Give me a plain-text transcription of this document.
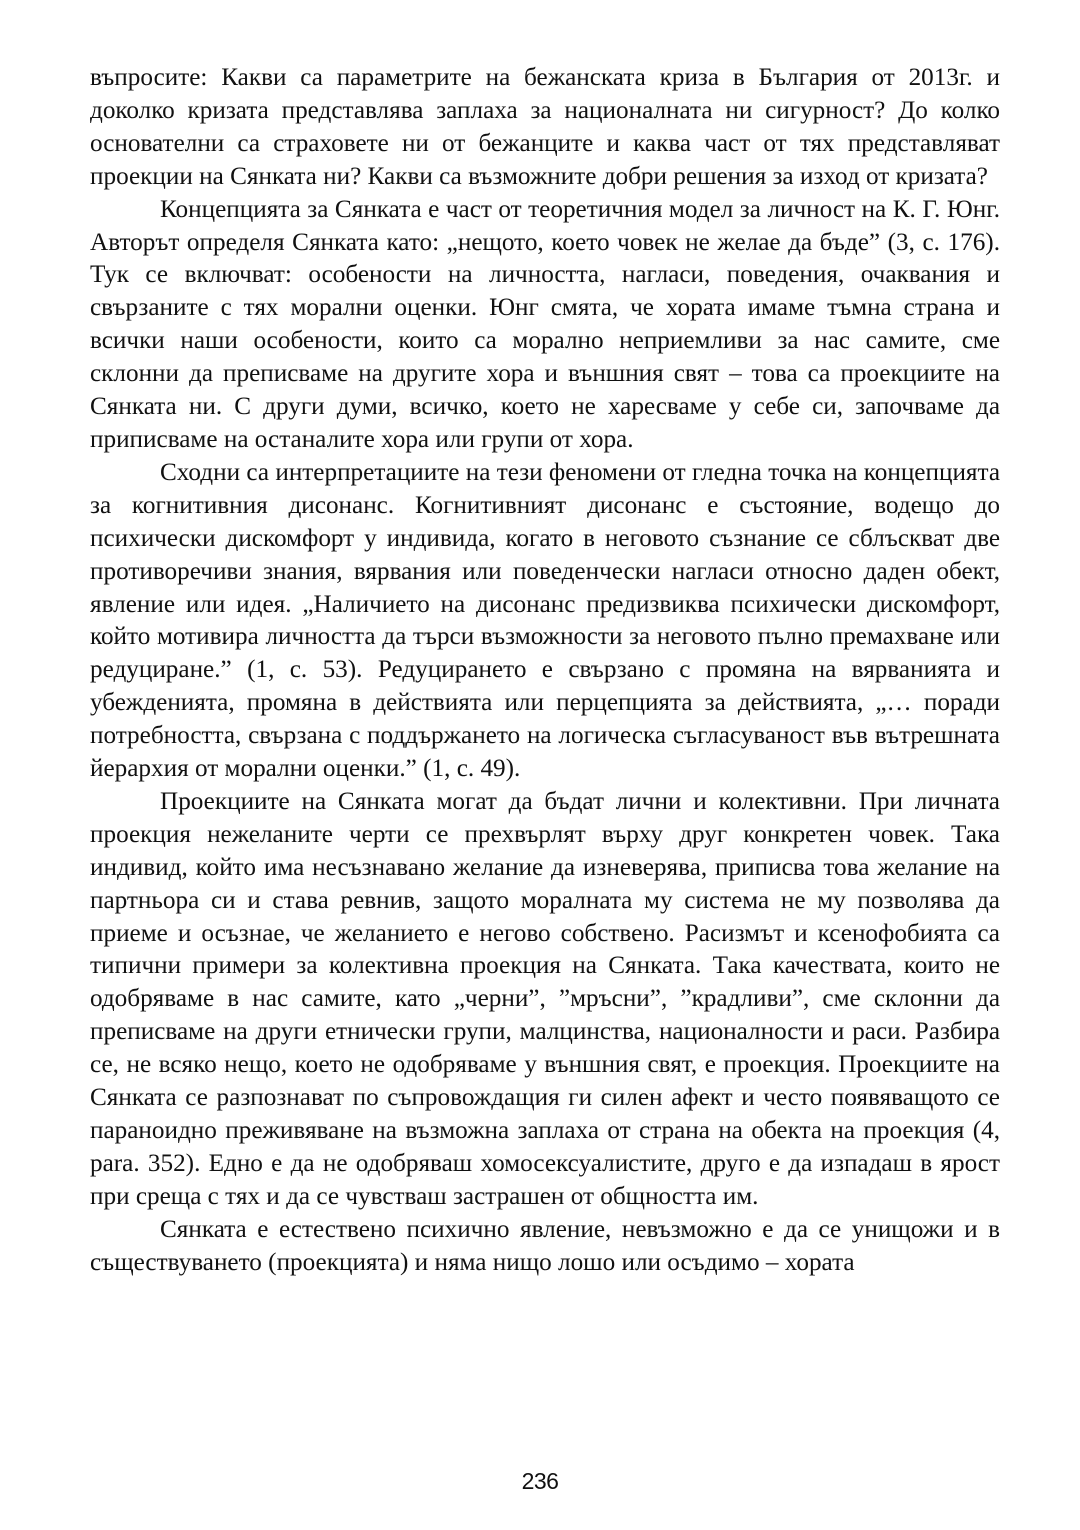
въпросите: Какви са параметрите на бежанската криза в България от 2013г. и доколко кризата представлява заплаха за националната ни сигурност? До колко основателни са страховете ни от бежанците и каква част от тях представляват проекции на Сянката ни? Какви са възможните добри решения за изход от кризата?

Концепцията за Сянката е част от теоретичния модел за личност на К. Г. Юнг. Авторът определя Сянката като: „нещото, което човек не желае да бъде” (3, с. 176). Тук се включват: особености на личността, нагласи, поведения, очаквания и свързаните с тях морални оценки. Юнг смята, че хората имаме тъмна страна и всички наши особености, които са морално неприемливи за нас самите, сме склонни да преписваме на другите хора и външния свят – това са проекциите на Сянката ни. С други думи, всичко, което не харесваме у себе си, започваме да приписваме на останалите хора или групи от хора.

Сходни са интерпретациите на тези феномени от гледна точка на концепцията за когнитивния дисонанс. Когнитивният дисонанс е състояние, водещо до психически дискомфорт у индивида, когато в неговото съзнание се сблъскват две противоречиви знания, вярвания или поведенчески нагласи относно даден обект, явление или идея. „Наличието на дисонанс предизвиква психически дискомфорт, който мотивира личността да търси възможности за неговото пълно премахване или редуциране.” (1, с. 53). Редуцирането е свързано с промяна на вярванията и убежденията, промяна в действията или перцепцията за действията, „… поради потребността, свързана с поддържането на логическа съгласуваност във вътрешната йерархия от морални оценки.” (1, с. 49).

Проекциите на Сянката могат да бъдат лични и колективни. При личната проекция нежеланите черти се прехвърлят върху друг конкретен човек. Така индивид, който има несъзнавано желание да изневерява, приписва това желание на партньора си и става ревнив, защото моралната му система не му позволява да приеме и осъзнае, че желанието е негово собствено. Расизмът и ксенофобията са типични примери за колективна проекция на Сянката. Така качествата, които не одобряваме в нас самите, като „черни”, ”мръсни”, ”крадливи”, сме склонни да преписваме на други етнически групи, малцинства, националности и раси. Разбира се, не всяко нещо, което не одобряваме у външния свят, е проекция. Проекциите на Сянката се разпознават по съпровождащия ги силен афект и често появяващото се параноидно преживяване на възможна заплаха от страна на обекта на проекция (4, para. 352). Едно е да не одобряваш хомосексуалистите, друго е да изпадаш в ярост при среща с тях и да се чувстваш застрашен от общността им.

Сянката е естествено психично явление, невъзможно е да се унищожи и в съществуването (проекцията) и няма нищо лошо или осъдимо – хората

236
